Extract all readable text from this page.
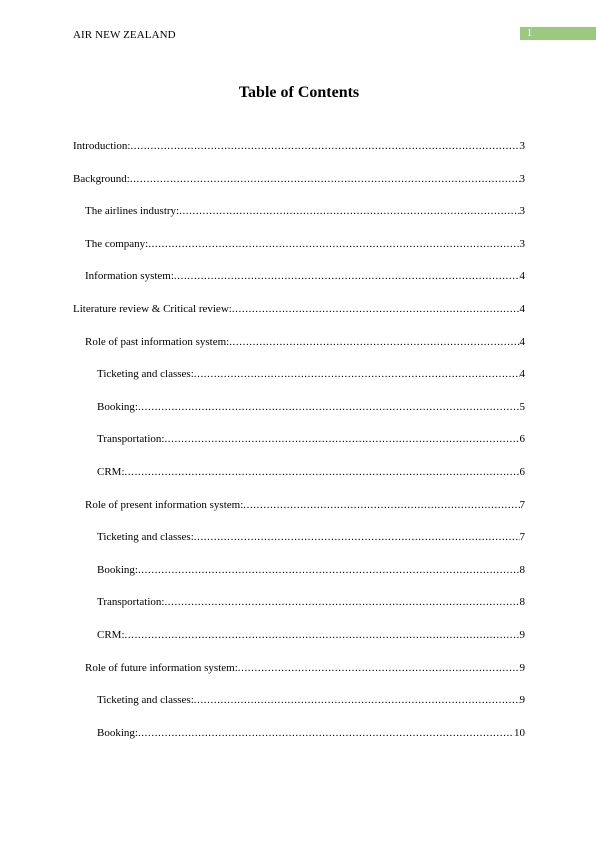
AIR NEW ZEALAND	1
Table of Contents
Introduction: .....	3
Background: .....	3
The airlines industry: .....	3
The company: .....	3
Information system: .....	4
Literature review & Critical review: .....	4
Role of past information system: .....	4
Ticketing and classes: .....	4
Booking: .....	5
Transportation: .....	6
CRM: .....	6
Role of present information system: .....	7
Ticketing and classes: .....	7
Booking: .....	8
Transportation: .....	8
CRM: .....	9
Role of future information system: .....	9
Ticketing and classes: .....	9
Booking: .....	10
